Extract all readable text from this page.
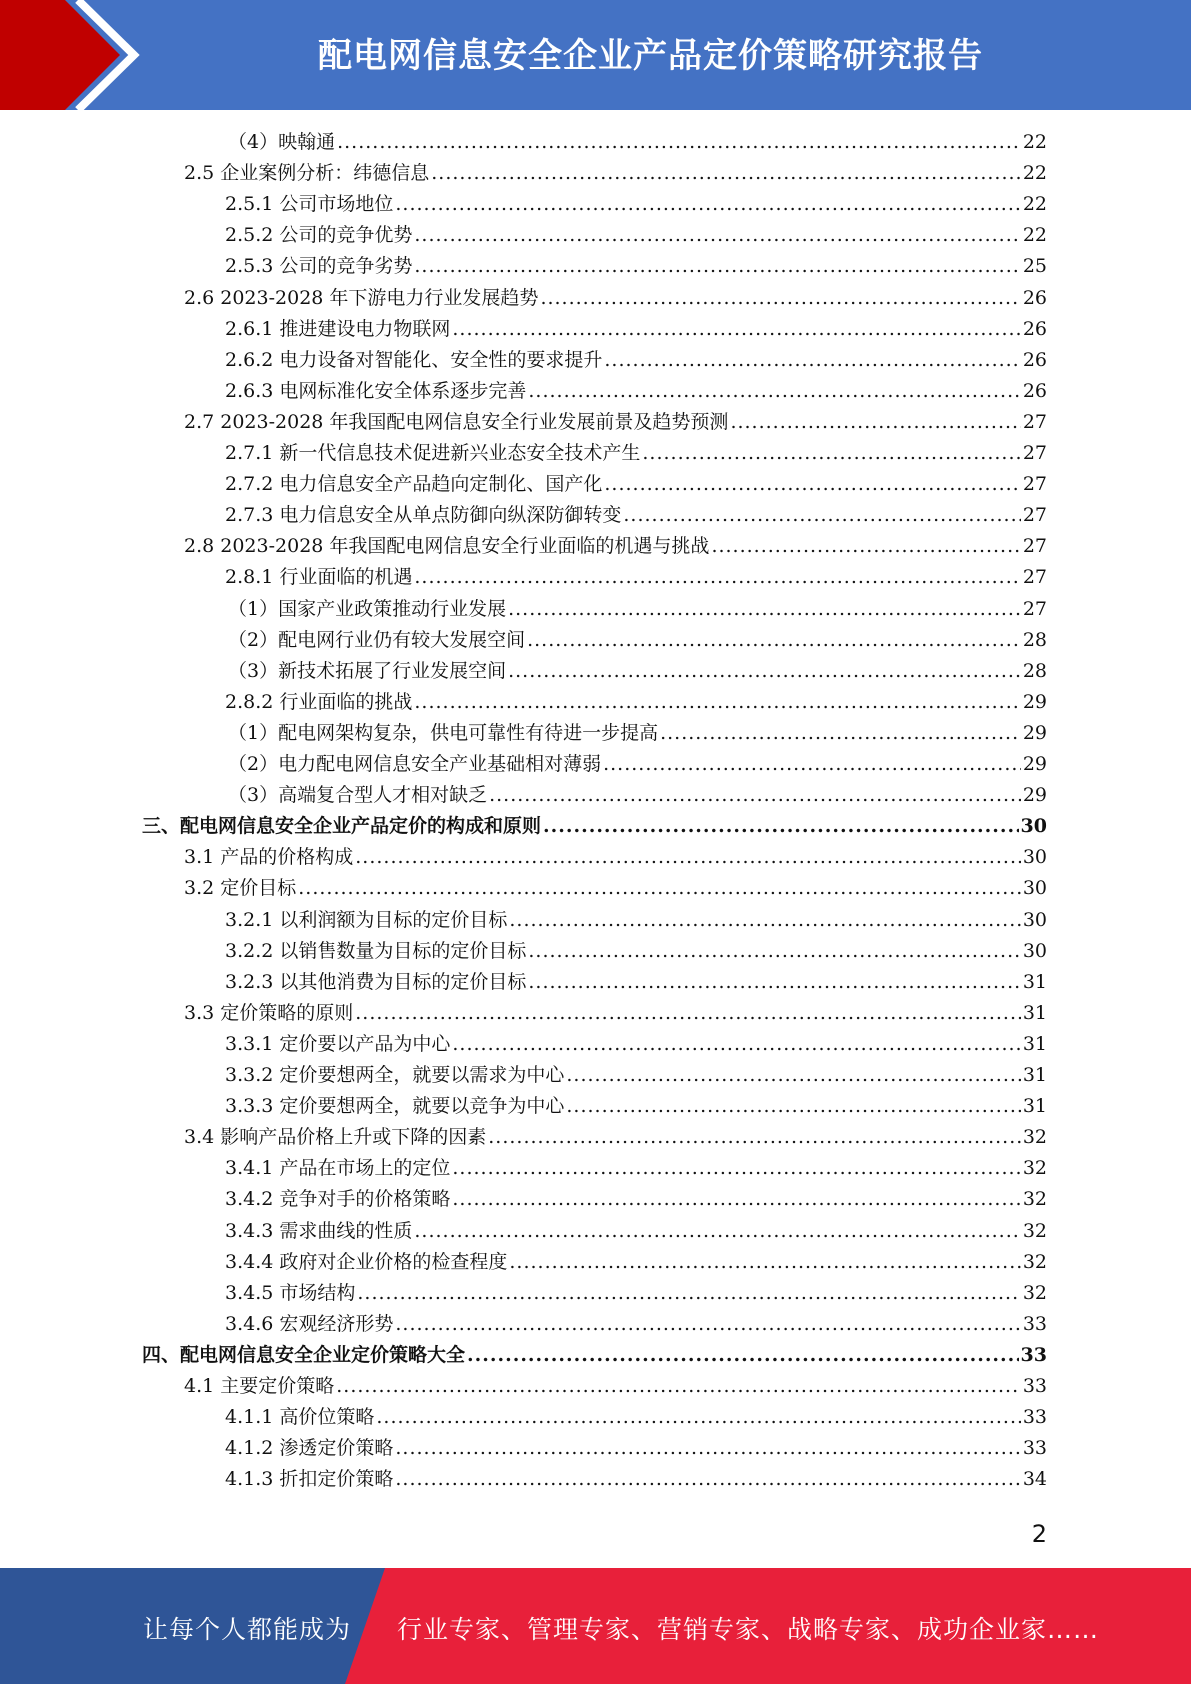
配电网信息安全企业产品定价策略研究报告
（4）映翰通 .....	22
2.5 企业案例分析：纬德信息 .....	22
2.5.1 公司市场地位 .....	22
2.5.2 公司的竞争优势 .....	22
2.5.3 公司的竞争劣势 .....	25
2.6 2023-2028 年下游电力行业发展趋势 .....	26
2.6.1 推进建设电力物联网 .....	26
2.6.2 电力设备对智能化、安全性的要求提升 .....	26
2.6.3 电网标准化安全体系逐步完善 .....	26
2.7 2023-2028 年我国配电网信息安全行业发展前景及趋势预测 .....	27
2.7.1 新一代信息技术促进新兴业态安全技术产生 .....	27
2.7.2 电力信息安全产品趋向定制化、国产化 .....	27
2.7.3 电力信息安全从单点防御向纵深防御转变 .....	27
2.8 2023-2028 年我国配电网信息安全行业面临的机遇与挑战 .....	27
2.8.1 行业面临的机遇 .....	27
（1）国家产业政策推动行业发展 .....	27
（2）配电网行业仍有较大发展空间 .....	28
（3）新技术拓展了行业发展空间 .....	28
2.8.2 行业面临的挑战 .....	29
（1）配电网架构复杂，供电可靠性有待进一步提高 .....	29
（2）电力配电网信息安全产业基础相对薄弱 .....	29
（3）高端复合型人才相对缺乏 .....	29
三、配电网信息安全企业产品定价的构成和原则 .....	30
3.1 产品的价格构成 .....	30
3.2 定价目标 .....	30
3.2.1 以利润额为目标的定价目标 .....	30
3.2.2 以销售数量为目标的定价目标 .....	30
3.2.3 以其他消费为目标的定价目标 .....	31
3.3 定价策略的原则 .....	31
3.3.1 定价要以产品为中心 .....	31
3.3.2 定价要想两全，就要以需求为中心 .....	31
3.3.3 定价要想两全，就要以竞争为中心 .....	31
3.4 影响产品价格上升或下降的因素 .....	32
3.4.1 产品在市场上的定位 .....	32
3.4.2 竞争对手的价格策略 .....	32
3.4.3 需求曲线的性质 .....	32
3.4.4 政府对企业价格的检查程度 .....	32
3.4.5 市场结构 .....	32
3.4.6 宏观经济形势 .....	33
四、配电网信息安全企业定价策略大全 .....	33
4.1 主要定价策略 .....	33
4.1.1 高价位策略 .....	33
4.1.2 渗透定价策略 .....	33
4.1.3 折扣定价策略 .....	34
2
让每个人都能成为 行业专家、管理专家、营销专家、战略专家、成功企业家……
